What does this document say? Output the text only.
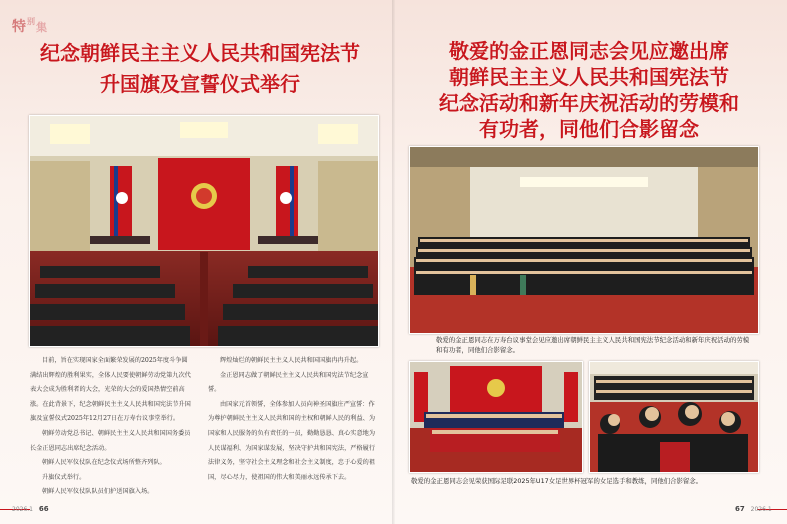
特$^别$集
纪念朝鲜民主主义人民共和国宪法节
升国旗及宣誓仪式举行

目前，旨在实现国家全面繁荣发展的2025年度斗争圆满结出辉煌的胜利果实，全体人民要使朝鲜劳动党第九次代表大会成为胜利者的大会，光荣的大会的爱国热情空前高涨。在此背景下，纪念朝鲜民主主义人民共和国宪法节升国旗及宣誓仪式2025年12月27日在万寿台议事堂举行。

朝鲜劳动党总书记、朝鲜民主主义人民共和国国务委员长金正恩同志出席纪念活动。

朝鲜人民军仪仗队在纪念仪式场所整齐列队。

升旗仪式举行。

朝鲜人民军仪仗队队员们护送国旗入场。

辉煌灿烂的朝鲜民主主义人民共和国国旗冉冉升起。

金正恩同志做了朝鲜民主主义人民共和国宪法节纪念宣誓。

由国家元首领誓，全体参加人员向神圣国旗庄严宣誓：作为尊护朝鲜民主主义人民共和国的主权和朝鲜人民的利益、为国家和人民服务的负有责任的一员，勤勤恳恳、真心实意地为人民谋福利、为国家谋发展，坚决守护共和国宪法，严格履行法律义务，坚守社会主义理念和社会主义制度，忠于心爱的祖国，尽心尽力，使祖国的伟大和美丽永远传承下去。

2026.1 66
敬爱的金正恩同志会见应邀出席
朝鲜民主主义人民共和国宪法节
纪念活动和新年庆祝活动的劳模和
有功者，同他们合影留念
敬爱的金正恩同志在万寿台议事堂会见应邀出席朝鲜民主主义人民共和国宪法节纪念活动和新年庆祝活动的劳模和有功者，同他们合影留念。
敬爱的金正恩同志会见荣获国际足联2025年U17女足世界杯冠军的女足选手和教练，同他们合影留念。
67 2026.1
